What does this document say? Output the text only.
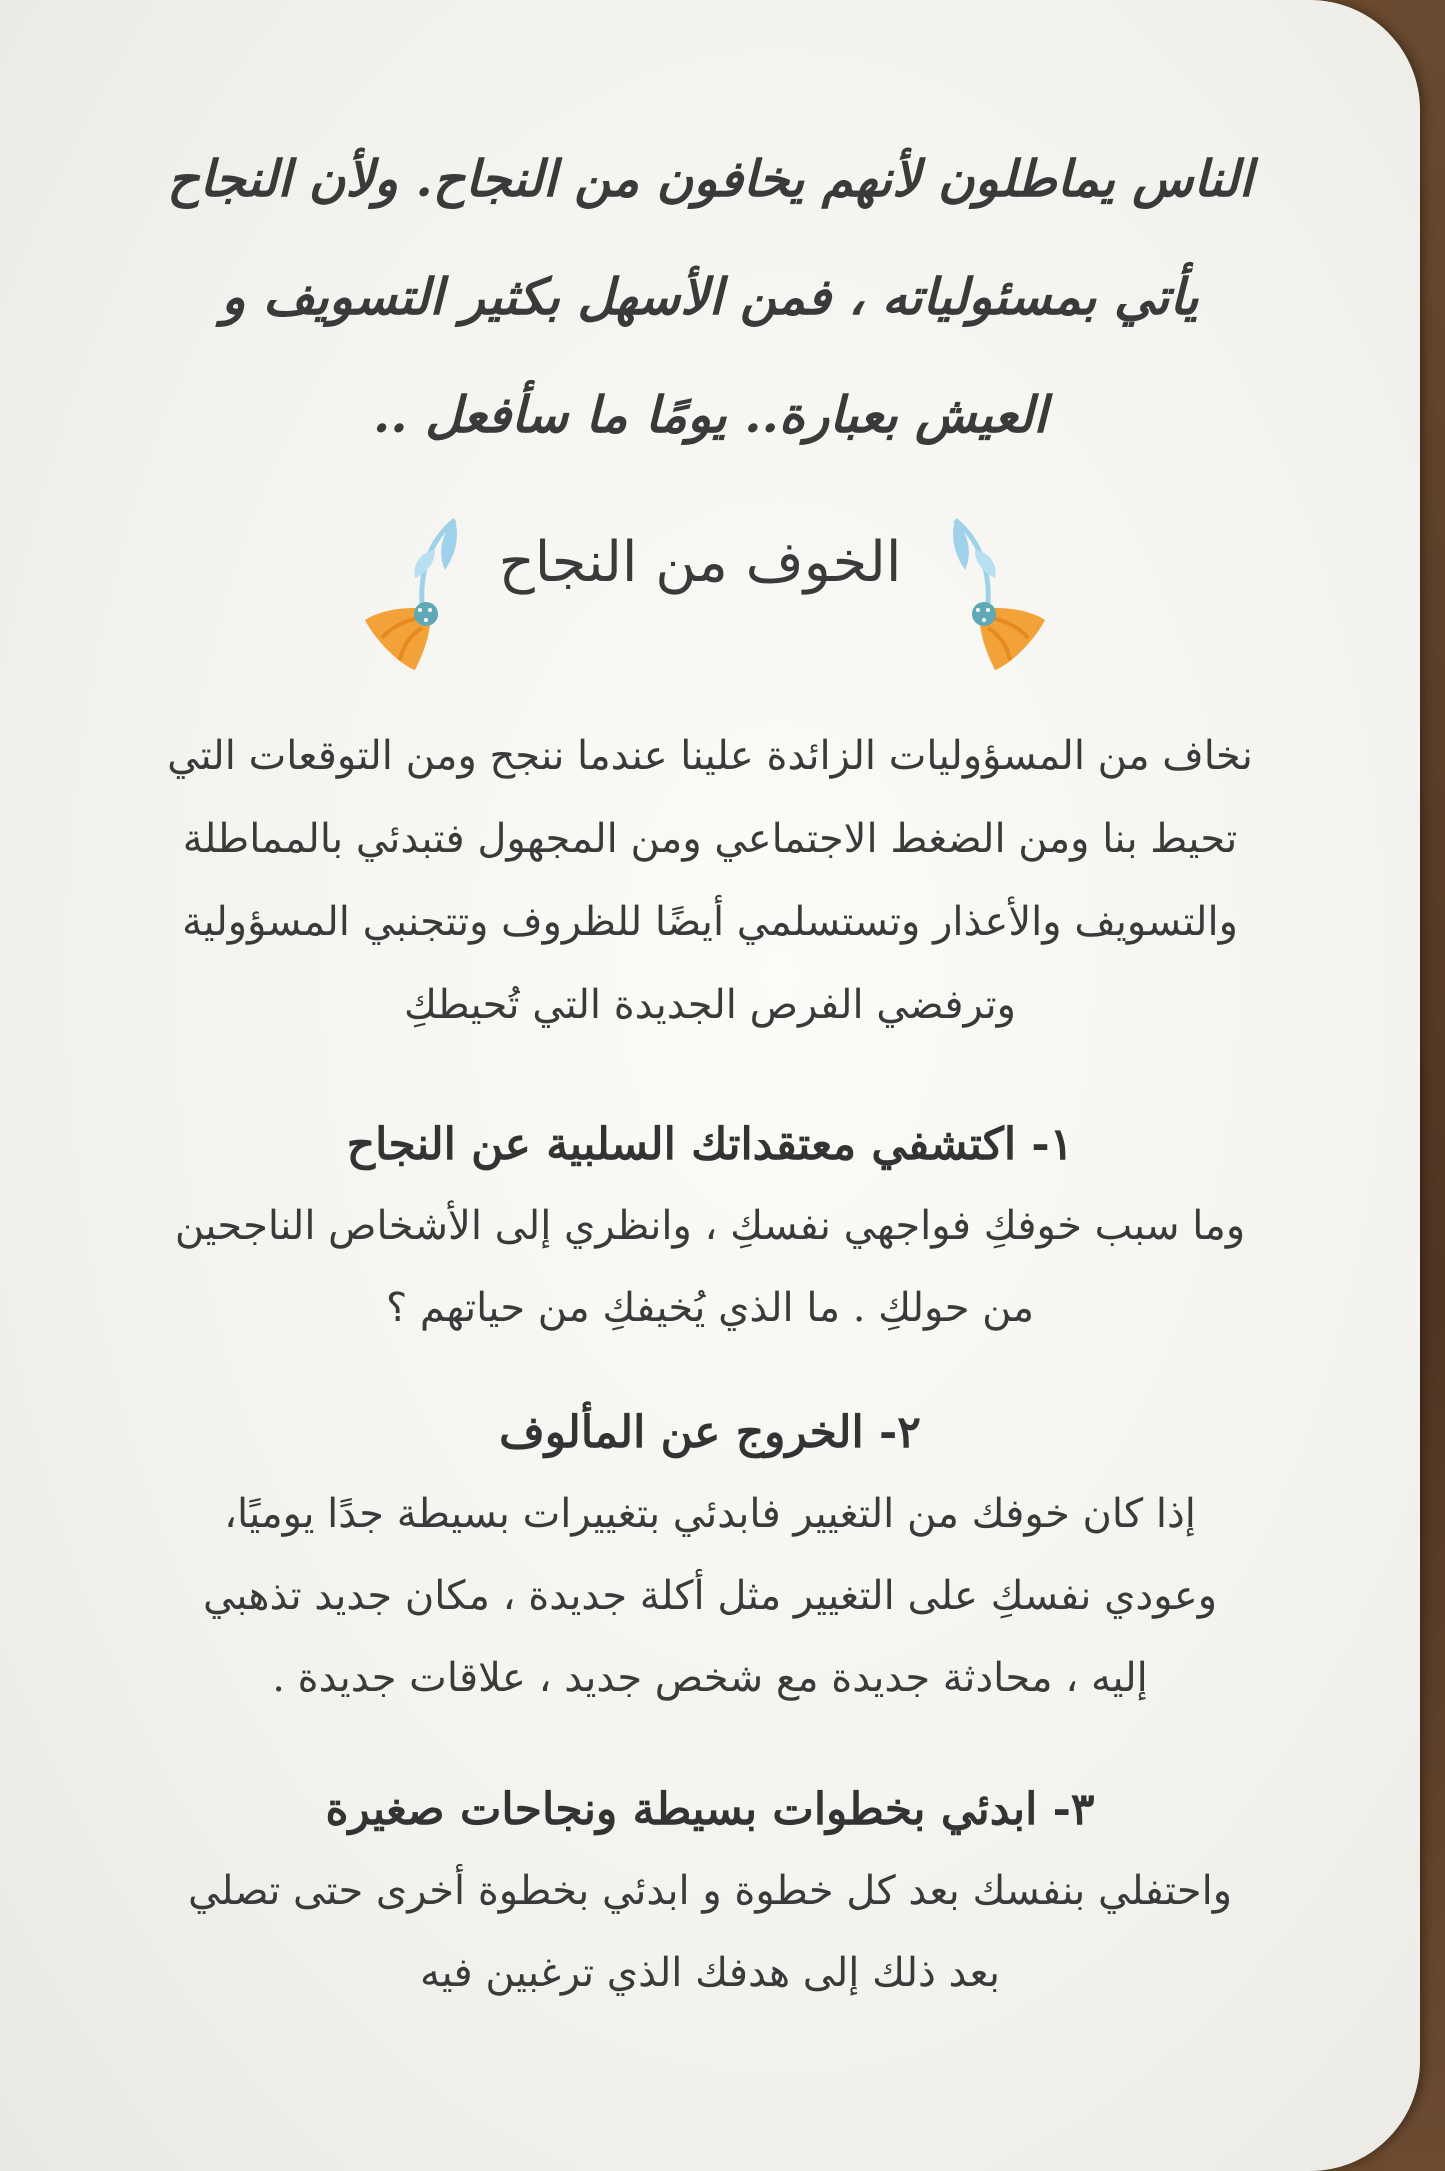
الناس يماطلون لأنهم يخافون من النجاح. ولأن النجاح
يأتي بمسئولياته ، فمن الأسهل بكثير التسويف و
العيش بعبارة.. يومًا ما سأفعل ..
الخوف من النجاح
نخاف من المسؤوليات الزائدة علينا عندما ننجح ومن التوقعات التي
تحيط بنا ومن الضغط الاجتماعي ومن المجهول فتبدئي بالمماطلة
والتسويف والأعذار وتستسلمي أيضًا للظروف وتتجنبي المسؤولية
وترفضي الفرص الجديدة التي تُحيطكِ
١- اكتشفي معتقداتك السلبية عن النجاح
وما سبب خوفكِ فواجهي نفسكِ ، وانظري إلى الأشخاص الناجحين
من حولكِ . ما الذي يُخيفكِ من حياتهم ؟
٢- الخروج عن المألوف
إذا كان خوفك من التغيير فابدئي بتغييرات بسيطة جدًا يوميًا،
وعودي نفسكِ على التغيير مثل أكلة جديدة ، مكان جديد تذهبي
إليه ، محادثة جديدة مع شخص جديد ، علاقات جديدة .
٣- ابدئي بخطوات بسيطة ونجاحات صغيرة
واحتفلي بنفسك بعد كل خطوة و ابدئي بخطوة أخرى حتى تصلي
بعد ذلك إلى هدفك الذي ترغبين فيه
